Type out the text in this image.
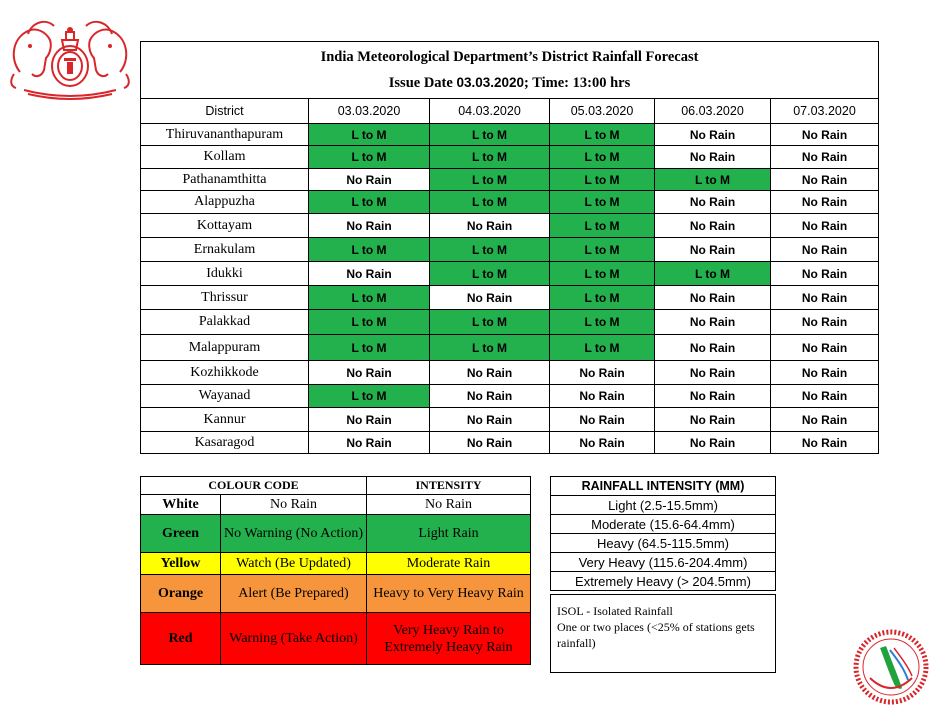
India Meteorological Department’s District Rainfall Forecast
Issue Date 03.03.2020; Time: 13:00 hrs					

District	03.03.2020	04.03.2020	05.03.2020	06.03.2020	07.03.2020
Thiruvananthapuram	L to M	L to M	L to M	No Rain	No Rain
Kollam	L to M	L to M	L to M	No Rain	No Rain
Pathanamthitta	No Rain	L to M	L to M	L to M	No Rain
Alappuzha	L to M	L to M	L to M	No Rain	No Rain
Kottayam	No Rain	No Rain	L to M	No Rain	No Rain
Ernakulam	L to M	L to M	L to M	No Rain	No Rain
Idukki	No Rain	L to M	L to M	L to M	No Rain
Thrissur	L to M	No Rain	L to M	No Rain	No Rain
Palakkad	L to M	L to M	L to M	No Rain	No Rain
Malappuram	L to M	L to M	L to M	No Rain	No Rain
Kozhikkode	No Rain	No Rain	No Rain	No Rain	No Rain
Wayanad	L to M	No Rain	No Rain	No Rain	No Rain
Kannur	No Rain	No Rain	No Rain	No Rain	No Rain
Kasaragod	No Rain	No Rain	No Rain	No Rain	No Rain
COLOUR CODE		INTENSITY
White	No Rain	No Rain
Green	No Warning (No Action)	Light Rain
Yellow	Watch (Be Updated)	Moderate Rain
Orange	Alert (Be Prepared)	Heavy to Very Heavy Rain
Red	Warning (Take Action)	Very Heavy Rain to Extremely Heavy Rain
RAINFALL INTENSITY (MM)
Light (2.5-15.5mm)
Moderate (15.6-64.4mm)
Heavy (64.5-115.5mm)
Very Heavy (115.6-204.4mm)
Extremely Heavy (> 204.5mm)
ISOL - Isolated Rainfall
One or two places (<25% of stations gets rainfall)
